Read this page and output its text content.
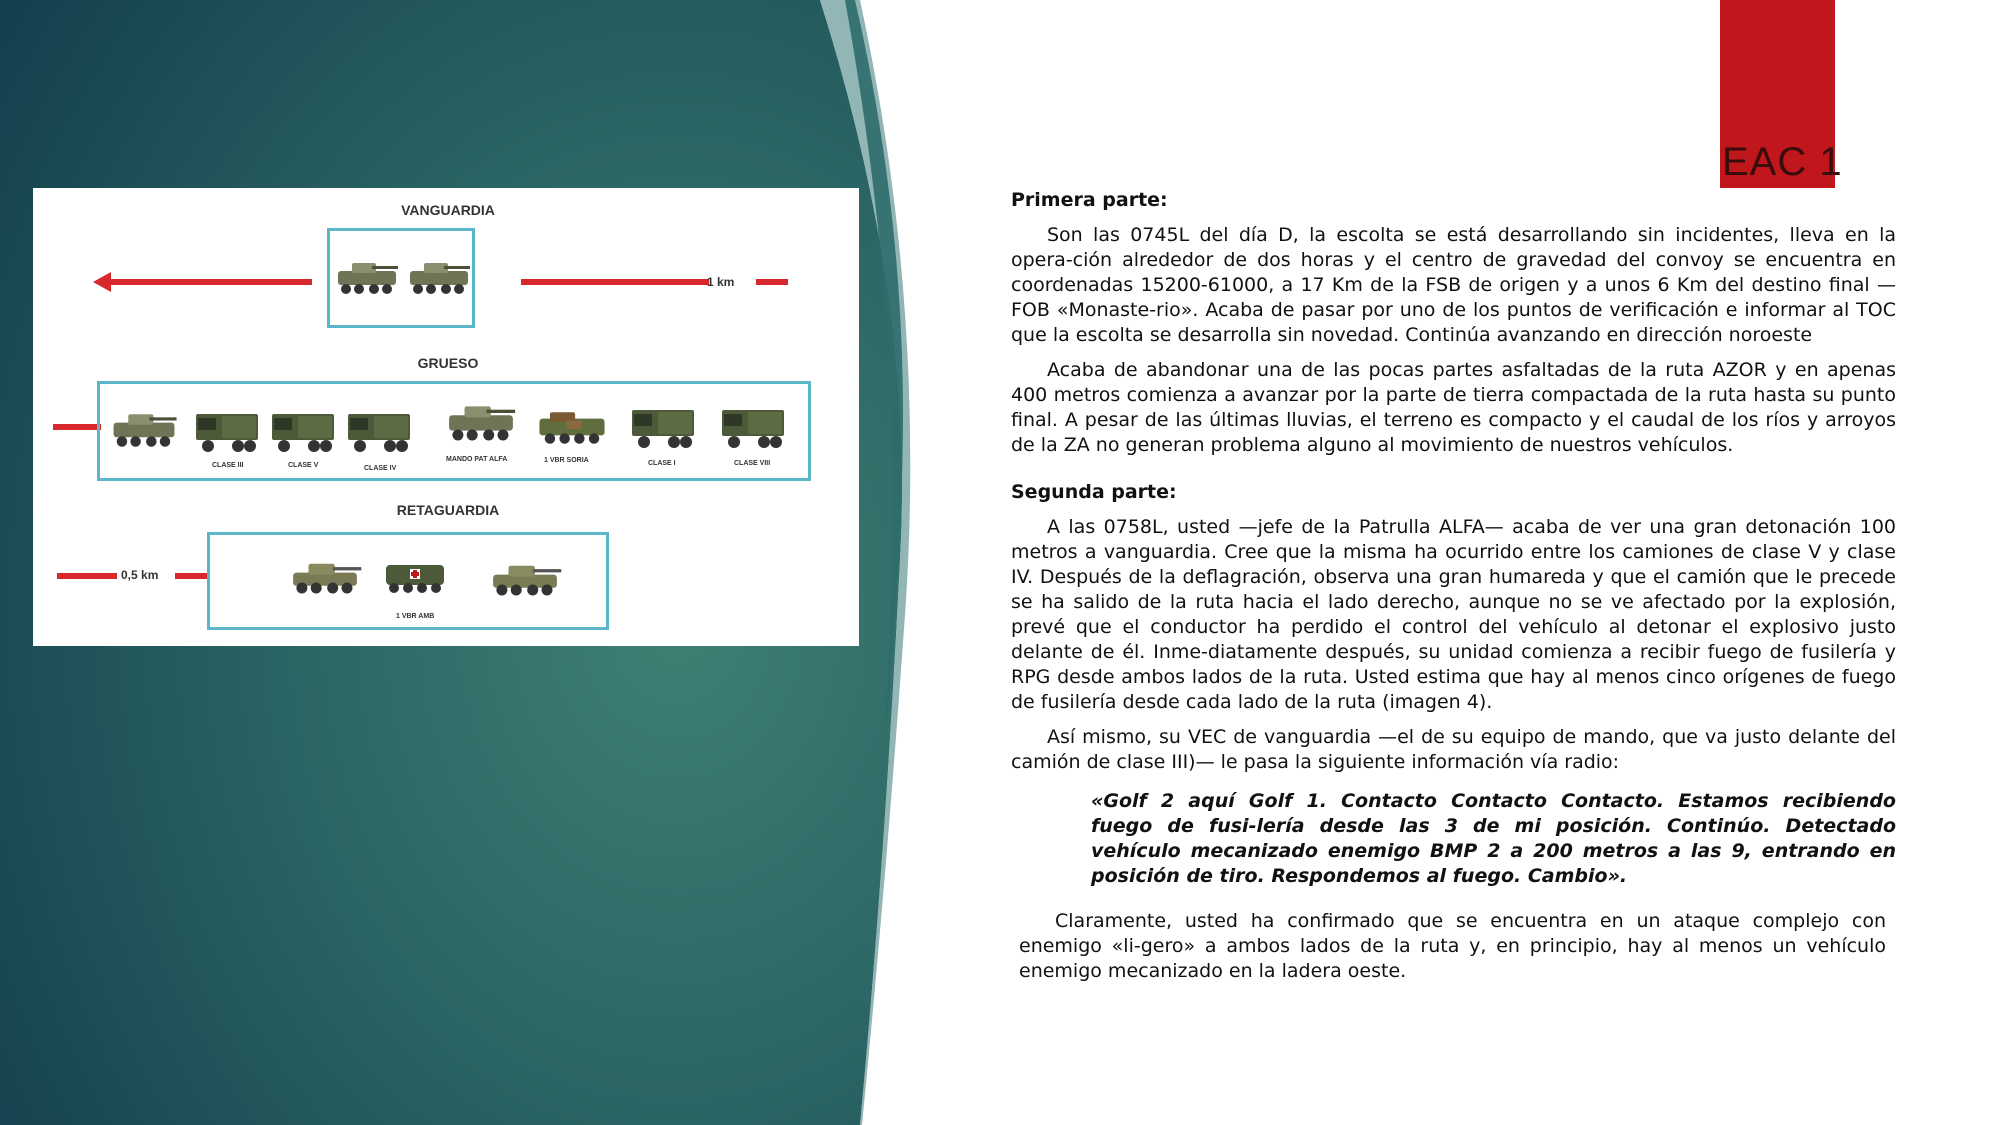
VANGUARDIA
1 km
GRUESO
CLASE III	CLASE V	CLASE IV
MANDO PAT ALFA	1 VBR SORIA	CLASE I	CLASE VIII
RETAGUARDIA
0,5 km
1 VBR AMB
EAC 1

Primera parte:

Son las 0745L del día D, la escolta se está desarrollando sin incidentes, lleva en la opera-ción alrededor de dos horas y el centro de gravedad del convoy se encuentra en coordenadas 15200-61000, a 17 Km de la FSB de origen y a unos 6 Km del destino final —FOB «Monaste-rio». Acaba de pasar por uno de los puntos de verificación e informar al TOC que la escolta se desarrolla sin novedad. Continúa avanzando en dirección noroeste

Acaba de abandonar una de las pocas partes asfaltadas de la ruta AZOR y en apenas 400 metros comienza a avanzar por la parte de tierra compactada de la ruta hasta su punto final. A pesar de las últimas lluvias, el terreno es compacto y el caudal de los ríos y arroyos de la ZA no generan problema alguno al movimiento de nuestros vehículos.

Segunda parte:

A las 0758L, usted —jefe de la Patrulla ALFA— acaba de ver una gran detonación 100 metros a vanguardia. Cree que la misma ha ocurrido entre los camiones de clase V y clase IV. Después de la deflagración, observa una gran humareda y que el camión que le precede se ha salido de la ruta hacia el lado derecho, aunque no se ve afectado por la explosión, prevé que el conductor ha perdido el control del vehículo al detonar el explosivo justo delante de él. Inme-diatamente después, su unidad comienza a recibir fuego de fusilería y RPG desde ambos lados de la ruta. Usted estima que hay al menos cinco orígenes de fuego de fusilería desde cada lado de la ruta (imagen 4).

Así mismo, su VEC de vanguardia —el de su equipo de mando, que va justo delante del camión de clase III)— le pasa la siguiente información vía radio:

«Golf 2 aquí Golf 1. Contacto Contacto Contacto. Estamos recibiendo fuego de fusi-lería desde las 3 de mi posición. Continúo. Detectado vehículo mecanizado enemigo BMP 2 a 200 metros a las 9, entrando en posición de tiro. Respondemos al fuego. Cambio».

Claramente, usted ha confirmado que se encuentra en un ataque complejo con enemigo «li-gero» a ambos lados de la ruta y, en principio, hay al menos un vehículo enemigo mecanizado en la ladera oeste.
